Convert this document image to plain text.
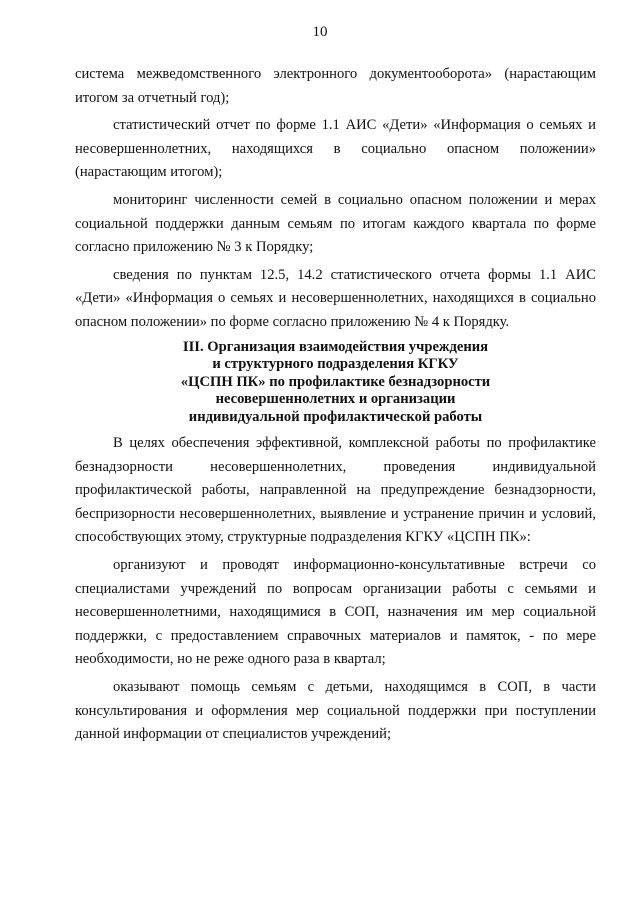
10

система межведомственного электронного документооборота» (нарастающим итогом за отчетный год);

статистический отчет по форме 1.1 АИС «Дети» «Информация о семьях и несовершеннолетних, находящихся в социально опасном положении» (нарастающим итогом);

мониторинг численности семей в социально опасном положении и мерах социальной поддержки данным семьям по итогам каждого квартала по форме согласно приложению № 3 к Порядку;

сведения по пунктам 12.5, 14.2 статистического отчета формы 1.1 АИС «Дети» «Информация о семьях и несовершеннолетних, находящихся в социально опасном положении» по форме согласно приложению № 4 к Порядку.

III. Организация взаимодействия учреждения
и структурного подразделения КГКУ
«ЦСПН ПК» по профилактике безнадзорности
несовершеннолетних и организации
индивидуальной профилактической работы

В целях обеспечения эффективной, комплексной работы по профилактике безнадзорности несовершеннолетних, проведения индивидуальной профилактической работы, направленной на предупреждение безнадзорности, беспризорности несовершеннолетних, выявление и устранение причин и условий, способствующих этому, структурные подразделения КГКУ «ЦСПН ПК»:

организуют и проводят информационно-консультативные встречи со специалистами учреждений по вопросам организации работы с семьями и несовершеннолетними, находящимися в СОП, назначения им мер социальной поддержки, с предоставлением справочных материалов и памяток, - по мере необходимости, но не реже одного раза в квартал;

оказывают помощь семьям с детьми, находящимся в СОП, в части консультирования и оформления мер социальной поддержки при поступлении данной информации от специалистов учреждений;
